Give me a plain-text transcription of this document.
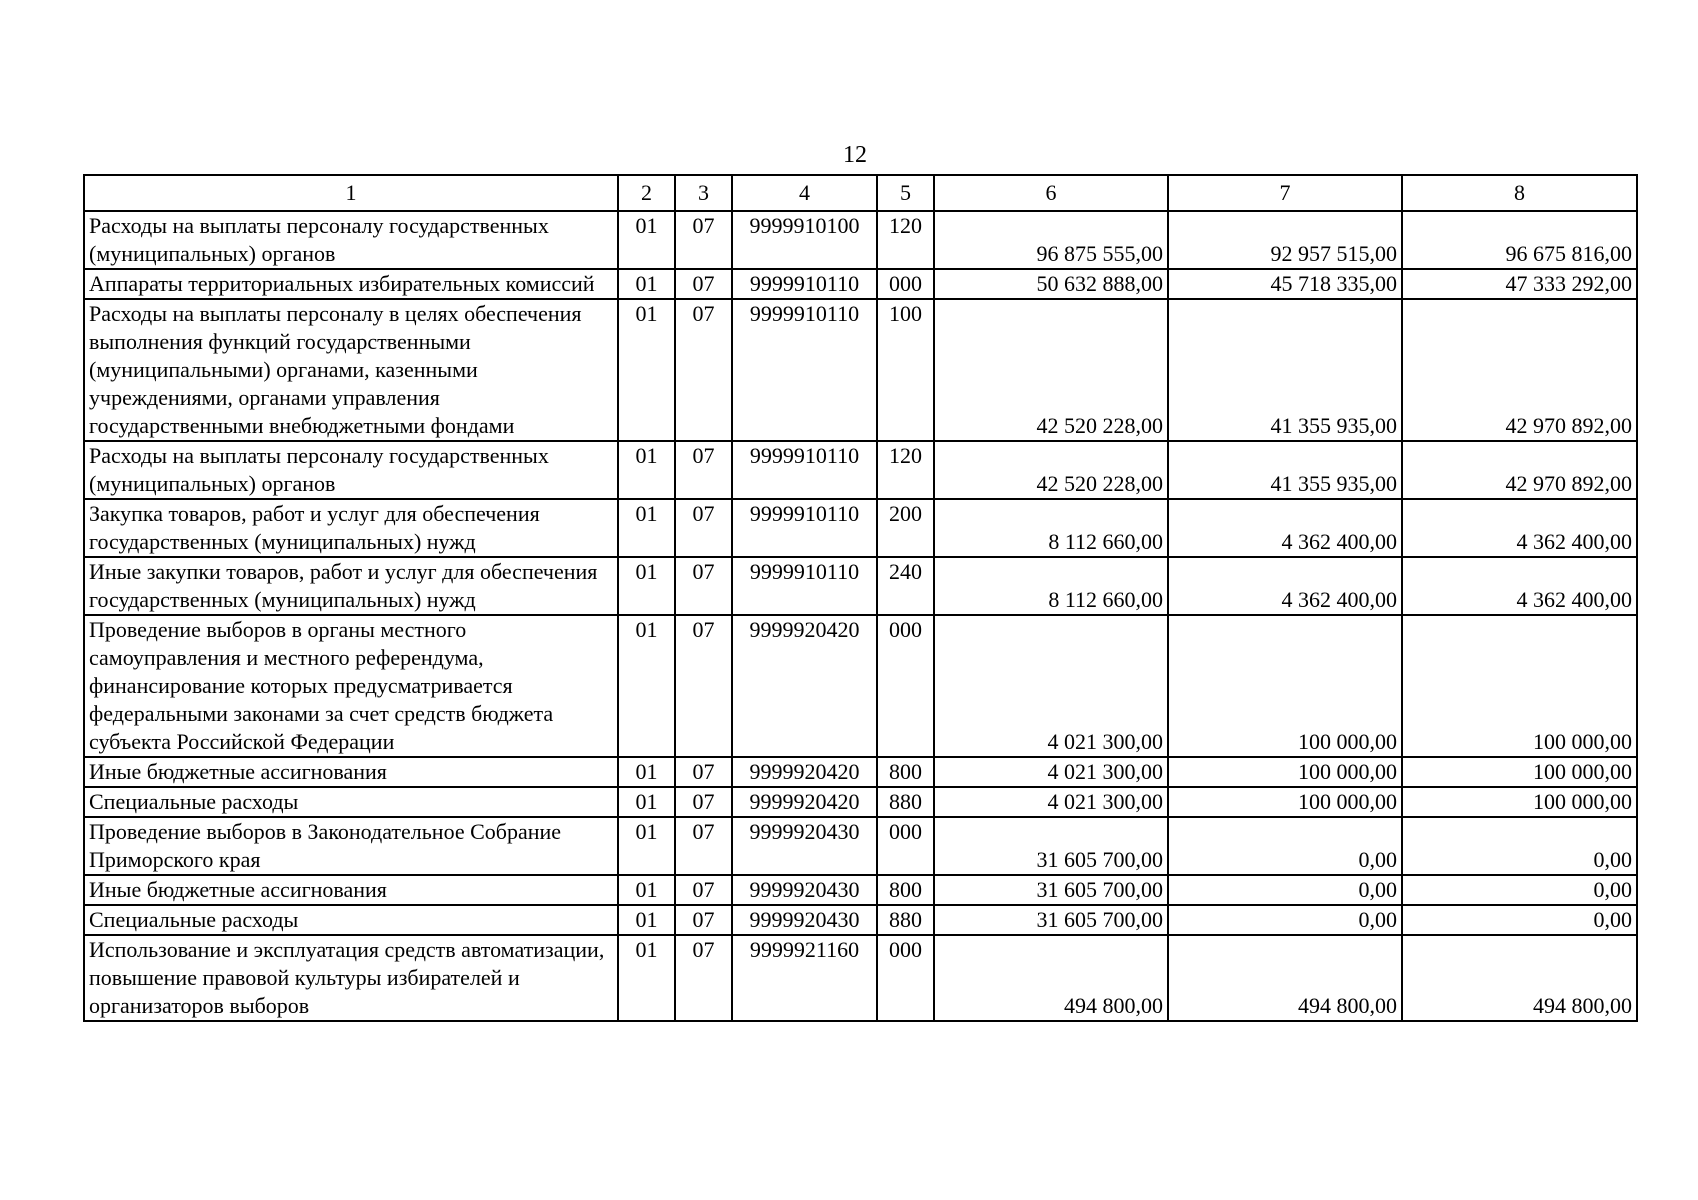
12
1	2	3	4	5	6	7	8
Расходы на выплаты персоналу государственных (муниципальных) органов	01	07	9999910100	120	96 875 555,00	92 957 515,00	96 675 816,00
Аппараты территориальных избирательных комиссий	01	07	9999910110	000	50 632 888,00	45 718 335,00	47 333 292,00
Расходы на выплаты персоналу в целях обеспечения выполнения функций государственными (муниципальными) органами, казенными учреждениями, органами управления государственными внебюджетными фондами	01	07	9999910110	100	42 520 228,00	41 355 935,00	42 970 892,00
Расходы на выплаты персоналу государственных (муниципальных) органов	01	07	9999910110	120	42 520 228,00	41 355 935,00	42 970 892,00
Закупка товаров, работ и услуг для обеспечения государственных (муниципальных) нужд	01	07	9999910110	200	8 112 660,00	4 362 400,00	4 362 400,00
Иные закупки товаров, работ и услуг для обеспечения государственных (муниципальных) нужд	01	07	9999910110	240	8 112 660,00	4 362 400,00	4 362 400,00
Проведение выборов в органы местного самоуправления и местного референдума, финансирование которых предусматривается федеральными законами за счет средств бюджета субъекта Российской Федерации	01	07	9999920420	000	4 021 300,00	100 000,00	100 000,00
Иные бюджетные ассигнования	01	07	9999920420	800	4 021 300,00	100 000,00	100 000,00
Специальные расходы	01	07	9999920420	880	4 021 300,00	100 000,00	100 000,00
Проведение выборов в Законодательное Собрание Приморского края	01	07	9999920430	000	31 605 700,00	0,00	0,00
Иные бюджетные ассигнования	01	07	9999920430	800	31 605 700,00	0,00	0,00
Специальные расходы	01	07	9999920430	880	31 605 700,00	0,00	0,00
Использование и эксплуатация средств автоматизации, повышение правовой культуры избирателей и организаторов выборов	01	07	9999921160	000	494 800,00	494 800,00	494 800,00
